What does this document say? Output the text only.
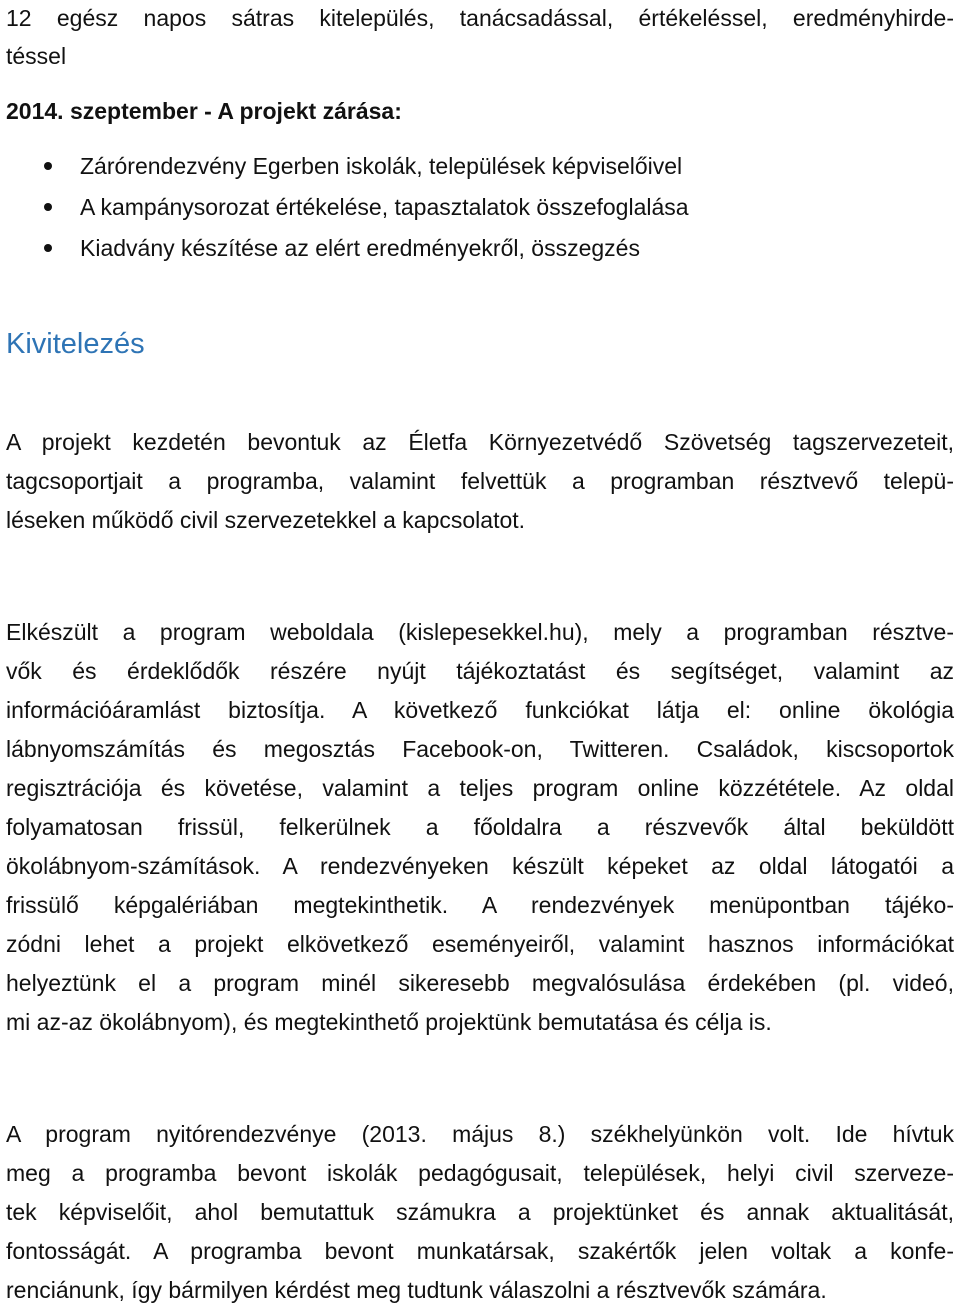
12 egész napos sátras kitelepülés, tanácsadással, értékeléssel, eredményhirde-

téssel

2014. szeptember - A projekt zárása:

Zárórendezvény Egerben iskolák, települések képviselőivel
A kampánysorozat értékelése, tapasztalatok összefoglalása
Kiadvány készítése az elért eredményekről, összegzés
Kivitelezés

A projekt kezdetén bevontuk az Életfa Környezetvédő Szövetség tagszervezeteit,

tagcsoportjait a programba, valamint felvettük a programban résztvevő telepü-

léseken működő civil szervezetekkel a kapcsolatot.

Elkészült a program weboldala (kislepesekkel.hu), mely a programban résztve-

vők és érdeklődők részére nyújt tájékoztatást és segítséget, valamint az

információáramlást biztosítja. A következő funkciókat látja el: online ökológia

lábnyomszámítás és megosztás Facebook-on, Twitteren. Családok, kiscsoportok

regisztrációja és követése, valamint a teljes program online közzététele. Az oldal

folyamatosan frissül, felkerülnek a főoldalra a részvevők által beküldött

ökolábnyom-számítások. A rendezvényeken készült képeket az oldal látogatói a

frissülő képgalériában megtekinthetik. A rendezvények menüpontban tájéko-

zódni lehet a projekt elkövetkező eseményeiről, valamint hasznos információkat

helyeztünk el a program minél sikeresebb megvalósulása érdekében (pl. videó,

mi az-az ökolábnyom), és megtekinthető projektünk bemutatása és célja is.

A program nyitórendezvénye (2013. május 8.) székhelyünkön volt. Ide hívtuk

meg a programba bevont iskolák pedagógusait, települések, helyi civil szerveze-

tek képviselőit, ahol bemutattuk számukra a projektünket és annak aktualitását,

fontosságát. A programba bevont munkatársak, szakértők jelen voltak a konfe-

renciánunk, így bármilyen kérdést meg tudtunk válaszolni a résztvevők számára.
